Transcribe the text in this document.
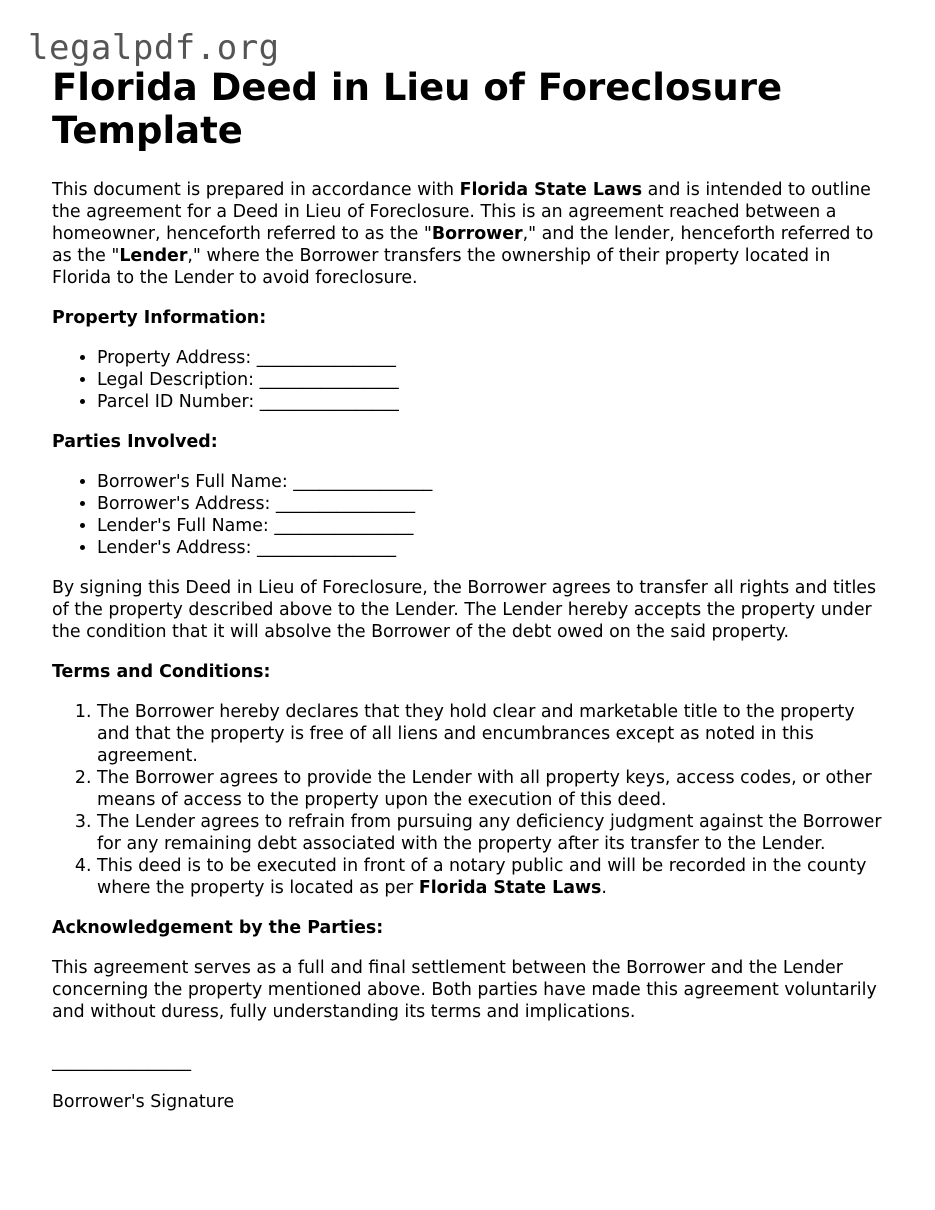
legalpdf.org
Florida Deed in Lieu of Foreclosure Template

This document is prepared in accordance with Florida State Laws and is intended to outline the agreement for a Deed in Lieu of Foreclosure. This is an agreement reached between a homeowner, henceforth referred to as the "Borrower," and the lender, henceforth referred to as the "Lender," where the Borrower transfers the ownership of their property located in Florida to the Lender to avoid foreclosure.

Property Information:

• Property Address: ________________
• Legal Description: ________________
• Parcel ID Number: ________________

Parties Involved:

• Borrower's Full Name: ________________
• Borrower's Address: ________________
• Lender's Full Name: ________________
• Lender's Address: ________________

By signing this Deed in Lieu of Foreclosure, the Borrower agrees to transfer all rights and titles of the property described above to the Lender. The Lender hereby accepts the property under the condition that it will absolve the Borrower of the debt owed on the said property.

Terms and Conditions:

1. The Borrower hereby declares that they hold clear and marketable title to the property and that the property is free of all liens and encumbrances except as noted in this agreement.
2. The Borrower agrees to provide the Lender with all property keys, access codes, or other means of access to the property upon the execution of this deed.
3. The Lender agrees to refrain from pursuing any deficiency judgment against the Borrower for any remaining debt associated with the property after its transfer to the Lender.
4. This deed is to be executed in front of a notary public and will be recorded in the county where the property is located as per Florida State Laws.

Acknowledgement by the Parties:

This agreement serves as a full and final settlement between the Borrower and the Lender concerning the property mentioned above. Both parties have made this agreement voluntarily and without duress, fully understanding its terms and implications.

________________

Borrower's Signature
